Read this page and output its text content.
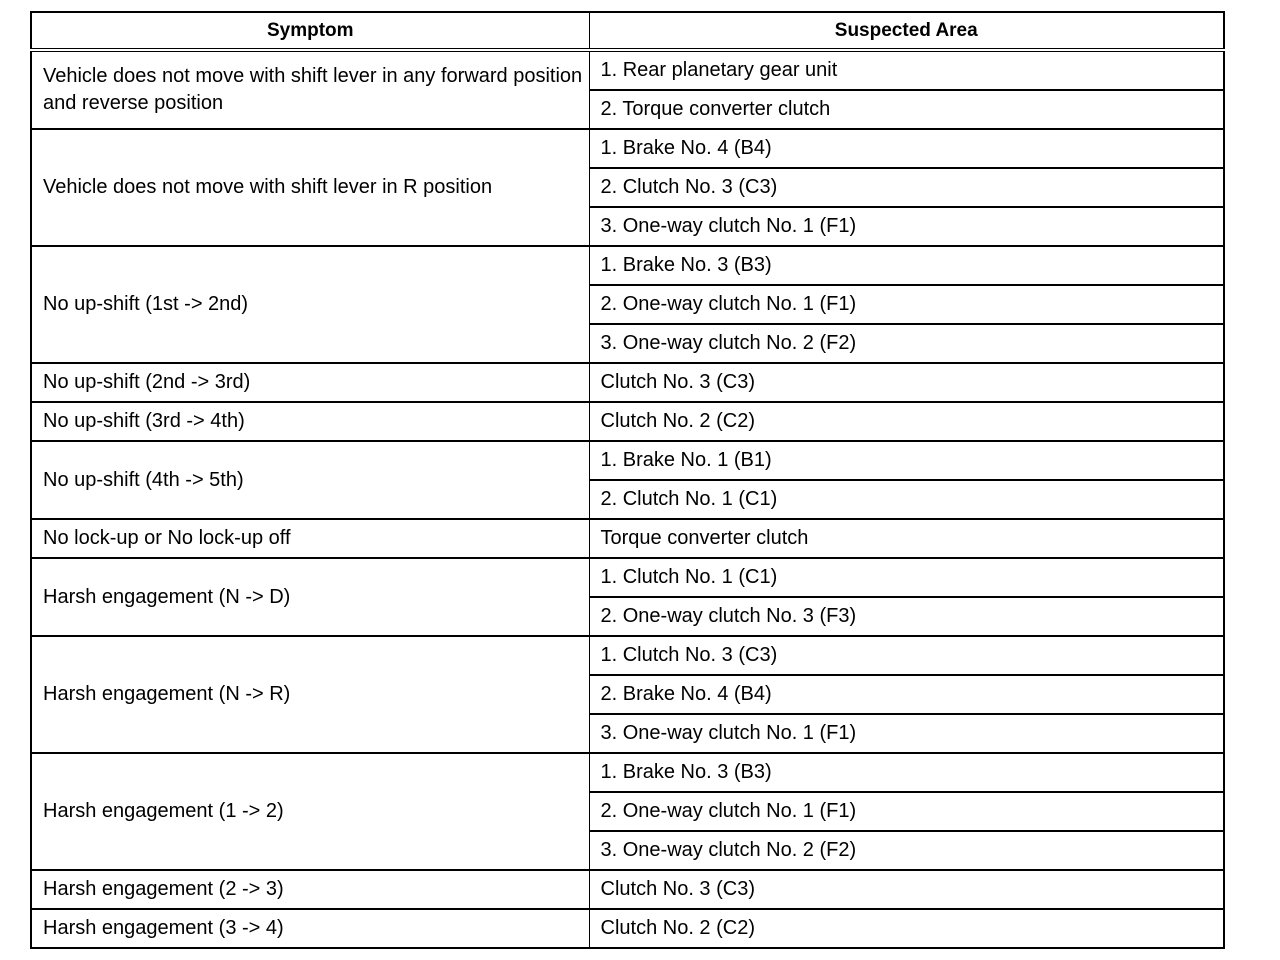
Symptom	Suspected Area
Vehicle does not move with shift lever in any forward position and reverse position	1. Rear planetary gear unit
	2. Torque converter clutch
Vehicle does not move with shift lever in R position	1. Brake No. 4 (B4)
	2. Clutch No. 3 (C3)
	3. One-way clutch No. 1 (F1)
No up-shift (1st -> 2nd)	1. Brake No. 3 (B3)
	2. One-way clutch No. 1 (F1)
	3. One-way clutch No. 2 (F2)
No up-shift (2nd -> 3rd)	Clutch No. 3 (C3)
No up-shift (3rd -> 4th)	Clutch No. 2 (C2)
No up-shift (4th -> 5th)	1. Brake No. 1 (B1)
	2. Clutch No. 1 (C1)
No lock-up or No lock-up off	Torque converter clutch
Harsh engagement (N -> D)	1. Clutch No. 1 (C1)
	2. One-way clutch No. 3 (F3)
Harsh engagement (N -> R)	1. Clutch No. 3 (C3)
	2. Brake No. 4 (B4)
	3. One-way clutch No. 1 (F1)
Harsh engagement (1 -> 2)	1. Brake No. 3 (B3)
	2. One-way clutch No. 1 (F1)
	3. One-way clutch No. 2 (F2)
Harsh engagement (2 -> 3)	Clutch No. 3 (C3)
Harsh engagement (3 -> 4)	Clutch No. 2 (C2)
